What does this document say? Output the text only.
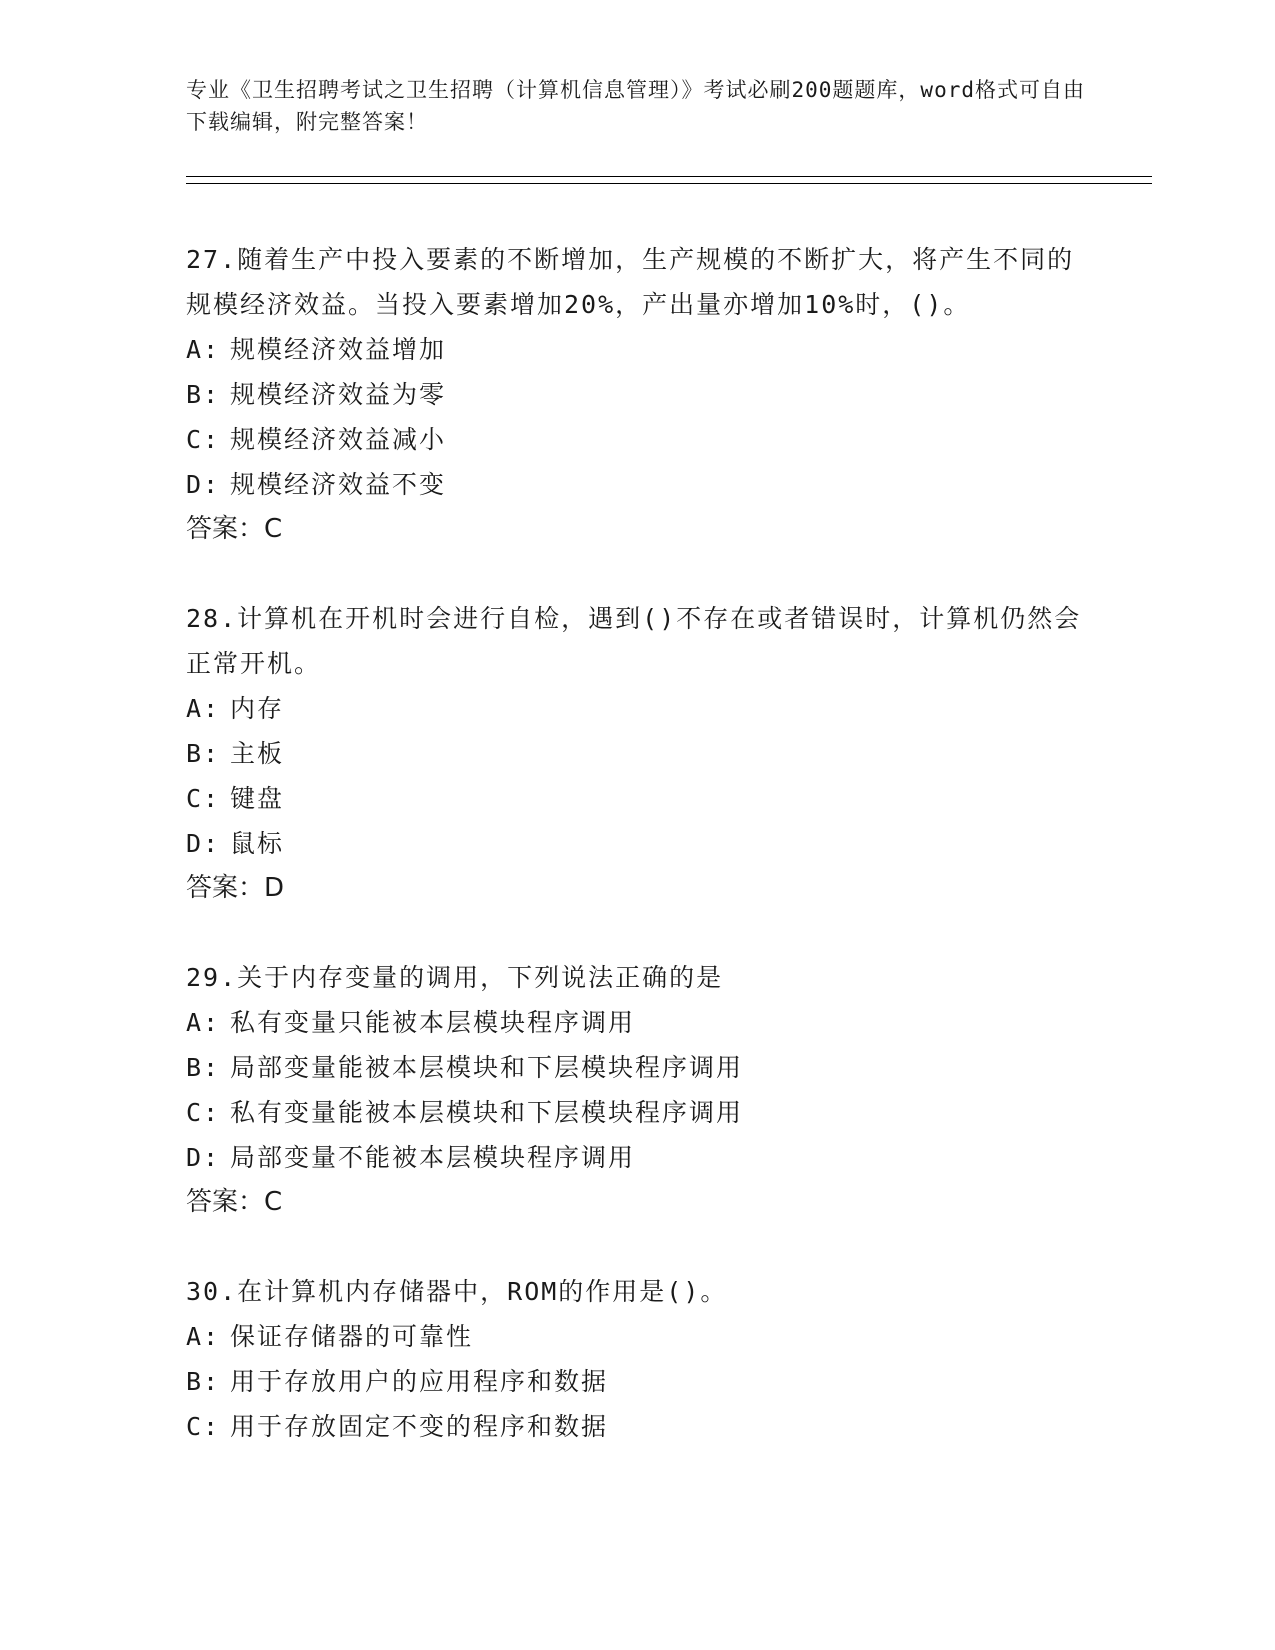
专业《卫生招聘考试之卫生招聘（计算机信息管理）》考试必刷200题题库，word格式可自由下载编辑，附完整答案！
27.随着生产中投入要素的不断增加，生产规模的不断扩大，将产生不同的规模经济效益。当投入要素增加20%，产出量亦增加10%时，()。
A: 规模经济效益增加
B: 规模经济效益为零
C: 规模经济效益减小
D: 规模经济效益不变
答案：C
28.计算机在开机时会进行自检，遇到()不存在或者错误时，计算机仍然会正常开机。
A: 内存
B: 主板
C: 键盘
D: 鼠标
答案：D
29.关于内存变量的调用，下列说法正确的是
A: 私有变量只能被本层模块程序调用
B: 局部变量能被本层模块和下层模块程序调用
C: 私有变量能被本层模块和下层模块程序调用
D: 局部变量不能被本层模块程序调用
答案：C
30.在计算机内存储器中，ROM的作用是()。
A: 保证存储器的可靠性
B: 用于存放用户的应用程序和数据
C: 用于存放固定不变的程序和数据
